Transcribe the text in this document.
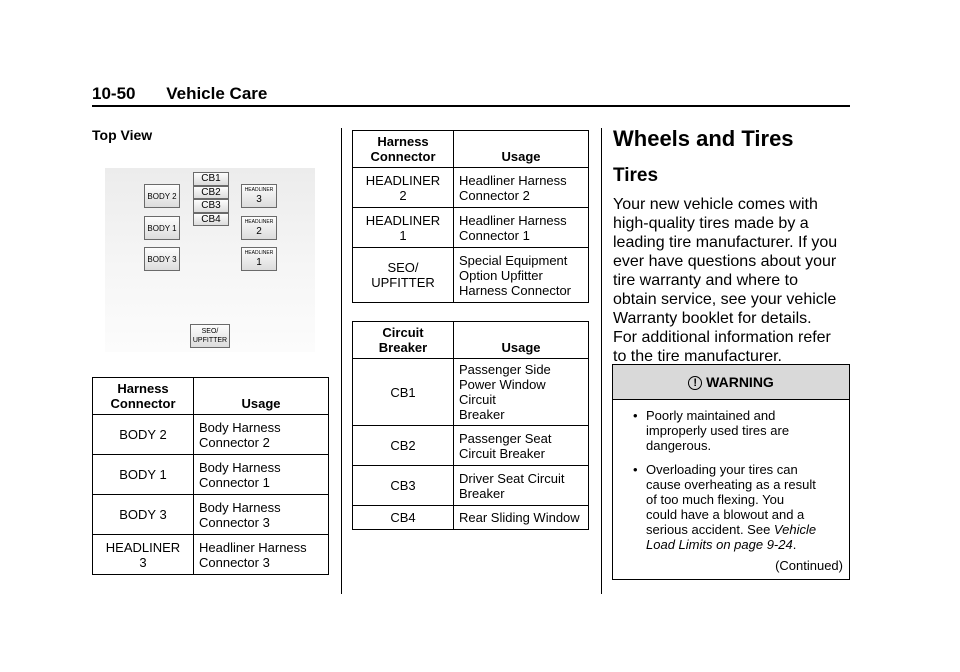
10-50 Vehicle Care
Top View
BODY 2
BODY 1
BODY 3
CB1
CB2
CB3
CB4
HEADLINER
3
HEADLINER
2
HEADLINER
1
SEO/
UPFITTER
Harness
Connector	Usage
BODY 2	Body Harness
Connector 2
BODY 1	Body Harness
Connector 1
BODY 3	Body Harness
Connector 3
HEADLINER
3	Headliner Harness
Connector 3
Harness
Connector	Usage
HEADLINER
2	Headliner Harness
Connector 2
HEADLINER
1	Headliner Harness
Connector 1
SEO/
UPFITTER	Special Equipment
Option Upfitter
Harness Connector
Circuit
Breaker	Usage
CB1	Passenger Side
Power Window Circuit
Breaker
CB2	Passenger Seat
Circuit Breaker
CB3	Driver Seat Circuit
Breaker
CB4	Rear Sliding Window
Wheels and Tires
Tires
Your new vehicle comes with
high-quality tires made by a
leading tire manufacturer. If you
ever have questions about your
tire warranty and where to
obtain service, see your vehicle
Warranty booklet for details.
For additional information refer
to the tire manufacturer.
! WARNING
• Poorly maintained and
improperly used tires are
dangerous.
• Overloading your tires can
cause overheating as a result
of too much flexing. You
could have a blowout and a
serious accident. See Vehicle
Load Limits on page 9-24.
(Continued)
